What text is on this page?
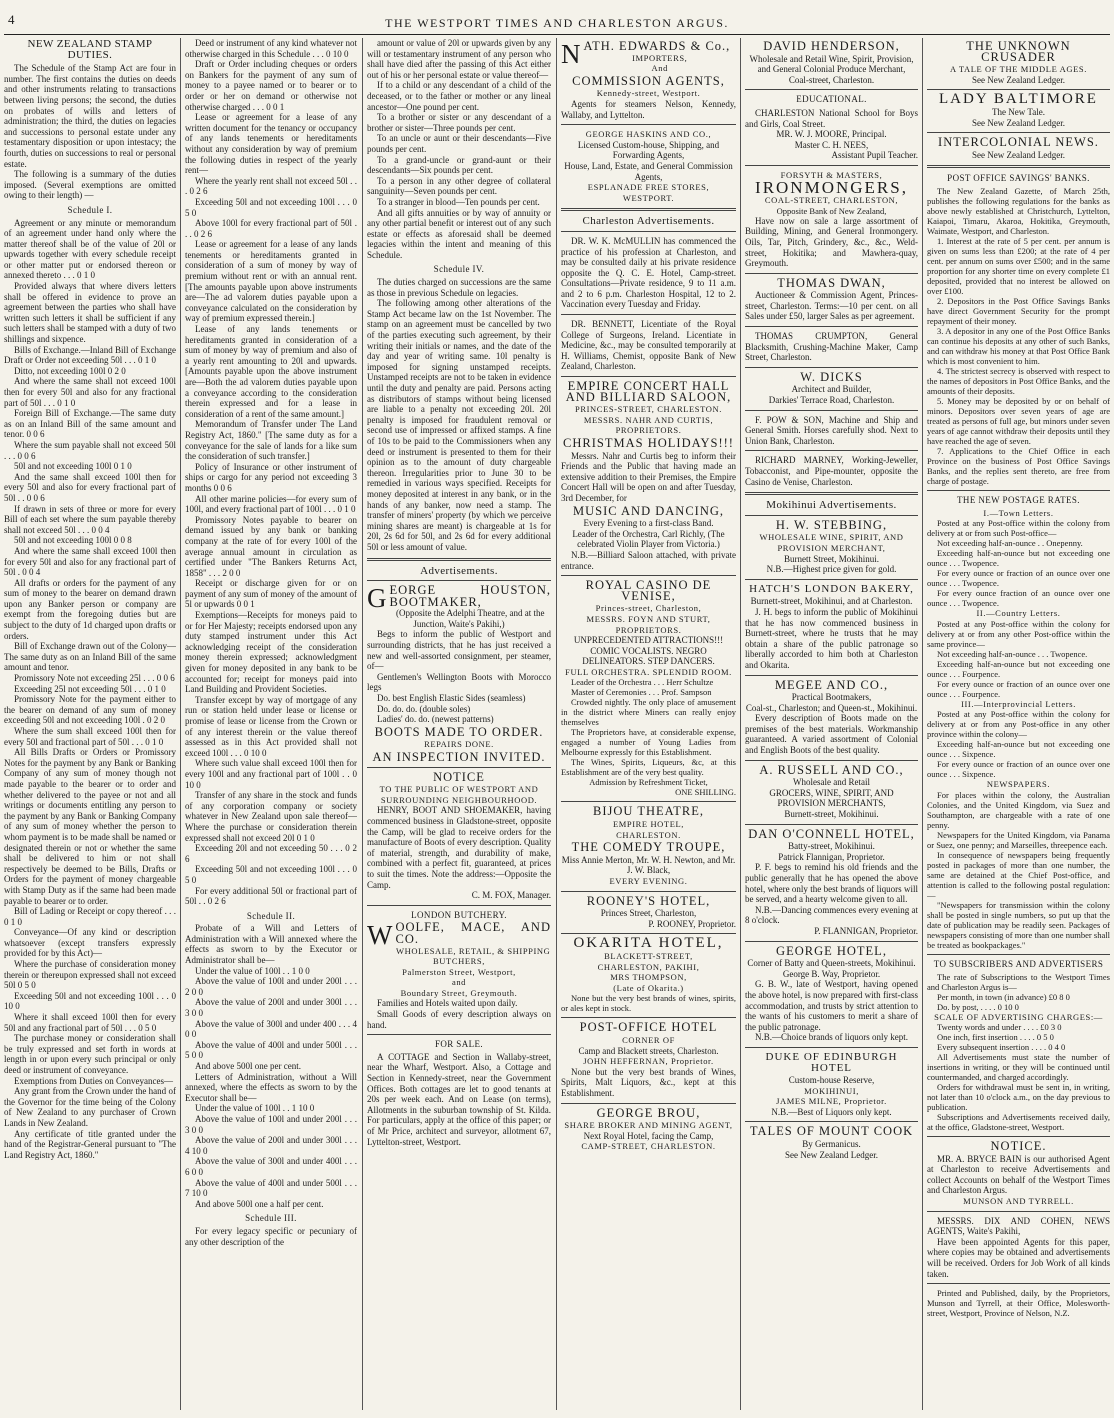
4	THE WESTPORT TIMES AND CHARLESTON ARGUS.
NEW ZEALAND STAMP DUTIES.

The Schedule of the Stamp Act are four in number. The first contains the duties on deeds and other instruments relating to transactions between living persons; the second, the duties on probates of wills and letters of administration; the third, the duties on legacies and successions to personal estate under any testamentary disposition or upon intestacy; the fourth, duties on successions to real or personal estate.

The following is a summary of the duties imposed. (Several exemptions are omitted owing to their length) —

Schedule I.

Agreement or any minute or memorandum of an agreement under hand only where the matter thereof shall be of the value of 20l or upwards together with every schedule receipt or other matter put or endorsed thereon or annexed thereto . . . 0 1 0

Provided always that where divers letters shall be offered in evidence to prove an agreement between the parties who shall have written such letters it shall be sufficient if any such letters shall be stamped with a duty of two shillings and sixpence.

Bills of Exchange.—Inland Bill of Exchange Draft or Order not exceeding 50l . . . 0 1 0

Ditto, not exceeding 100l 0 2 0

And where the same shall not exceed 100l then for every 50l and also for any fractional part of 50l . . . 0 1 0

Foreign Bill of Exchange.—The same duty as on an Inland Bill of the same amount and tenor. 0 0 6

Where the sum payable shall not exceed 50l . . . 0 0 6

50l and not exceeding 100l 0 1 0

And the same shall exceed 100l then for every 50l and also for every fractional part of 50l . . 0 0 6

If drawn in sets of three or more for every Bill of each set where the sum payable thereby shall not exceed 50l . . . 0 0 4

50l and not exceeding 100l 0 0 8

And where the same shall exceed 100l then for every 50l and also for any fractional part of 50l . 0 0 4

All drafts or orders for the payment of any sum of money to the bearer on demand drawn upon any Banker person or company are exempt from the foregoing duties but are subject to the duty of 1d charged upon drafts or orders.

Bill of Exchange drawn out of the Colony—The same duty as on an Inland Bill of the same amount and tenor.

Promissory Note not exceeding 25l . . . 0 0 6

Exceeding 25l not exceeding 50l . . . 0 1 0

Promissory Note for the payment either to the bearer on demand of any sum of money exceeding 50l and not exceeding 100l . 0 2 0

Where the sum shall exceed 100l then for every 50l and fractional part of 50l . . . 0 1 0

All Bills Drafts or Orders or Promissory Notes for the payment by any Bank or Banking Company of any sum of money though not made payable to the bearer or to order and whether delivered to the payee or not and all writings or documents entitling any person to the payment by any Bank or Banking Company of any sum of money whether the person to whom payment is to be made shall be named or designated therein or not or whether the same shall be delivered to him or not shall respectively be deemed to be Bills, Drafts or Orders for the payment of money chargeable with Stamp Duty as if the same had been made payable to bearer or to order.

Bill of Lading or Receipt or copy thereof . . . 0 1 0

Conveyance—Of any kind or description whatsoever (except transfers expressly provided for by this Act)—

Where the purchase of consideration money therein or thereupon expressed shall not exceed 50l 0 5 0

Exceeding 50l and not exceeding 100l . . . 0 10 0

Where it shall exceed 100l then for every 50l and any fractional part of 50l . . . 0 5 0

The purchase money or consideration shall be truly expressed and set forth in words at length in or upon every such principal or only deed or instrument of conveyance.

Exemptions from Duties on Conveyances—

Any grant from the Crown under the hand of the Governor for the time being of the Colony of New Zealand to any purchaser of Crown Lands in New Zealand.

Any certificate of title granted under the hand of the Registrar-General pursuant to "The Land Registry Act, 1860."

Deed or instrument of any kind whatever not otherwise charged in this Schedule . . . 0 10 0

Draft or Order including cheques or orders on Bankers for the payment of any sum of money to a payee named or to bearer or to order or her on demand or otherwise not otherwise charged . . . 0 0 1

Lease or agreement for a lease of any written document for the tenancy or occupancy of any lands tenements or hereditaments without any consideration by way of premium the following duties in respect of the yearly rent—

Where the yearly rent shall not exceed 50l . . . 0 2 6

Exceeding 50l and not exceeding 100l . . . 0 5 0

Above 100l for every fractional part of 50l . . . 0 2 6

Lease or agreement for a lease of any lands tenements or hereditaments granted in consideration of a sum of money by way of premium without rent or with an annual rent. [The amounts payable upon above instruments are—The ad valorem duties payable upon a conveyance calculated on the consideration by way of premium expressed therein.]

Lease of any lands tenements or hereditaments granted in consideration of a sum of money by way of premium and also of a yearly rent amounting to 20l and upwards. [Amounts payable upon the above instrument are—Both the ad valorem duties payable upon a conveyance according to the consideration therein expressed and for a lease in consideration of a rent of the same amount.]

Memorandum of Transfer under The Land Registry Act, 1860." [The same duty as for a conveyance for the sale of lands for a like sum the consideration of such transfer.]

Policy of Insurance or other instrument of ships or cargo for any period not exceeding 3 months 0 0 6

All other marine policies—for every sum of 100l, and every fractional part of 100l . . . 0 1 0

Promissory Notes payable to bearer on demand issued by any bank or banking company at the rate of for every 100l of the average annual amount in circulation as certified under "The Bankers Returns Act, 1858" . . . 2 0 0

Receipt or discharge given for or on payment of any sum of money of the amount of 5l or upwards 0 0 1

Exemptions—Receipts for moneys paid to or for Her Majesty; receipts endorsed upon any duty stamped instrument under this Act acknowledging receipt of the consideration money therein expressed; acknowledgment given for money deposited in any bank to be accounted for; receipt for moneys paid into Land Building and Provident Societies.

Transfer except by way of mortgage of any run or station held under lease or license or promise of lease or license from the Crown or of any interest therein or the value thereof assessed as in this Act provided shall not exceed 100l . . . 0 10 0

Where such value shall exceed 100l then for every 100l and any fractional part of 100l . . 0 10 0

Transfer of any share in the stock and funds of any corporation company or society whatever in New Zealand upon sale thereof—Where the purchase or consideration therein expressed shall not exceed 20l 0 1 0

Exceeding 20l and not exceeding 50 . . . 0 2 6

Exceeding 50l and not exceeding 100l . . . 0 5 0

For every additional 50l or fractional part of 50l . . 0 2 6

Schedule II.

Probate of a Will and Letters of Administration with a Will annexed where the effects as sworn to by the Executor or Administrator shall be—

Under the value of 100l . . 1 0 0

Above the value of 100l and under 200l . . . 2 0 0

Above the value of 200l and under 300l . . . 3 0 0

Above the value of 300l and under 400 . . . 4 0 0

Above the value of 400l and under 500l . . . 5 0 0

And above 500l one per cent.

Letters of Administration, without a Will annexed, where the effects as sworn to by the Executor shall be—

Under the value of 100l . . 1 10 0

Above the value of 100l and under 200l . . . 3 0 0

Above the value of 200l and under 300l . . . 4 10 0

Above the value of 300l and under 400l . . . 6 0 0

Above the value of 400l and under 500l . . . 7 10 0

And above 500l one a half per cent.

Schedule III.

For every legacy specific or pecuniary of any other description of the

amount or value of 20l or upwards given by any will or testamentary instrument of any person who shall have died after the passing of this Act either out of his or her personal estate or value thereof—

If to a child or any descendant of a child of the deceased, or to the father or mother or any lineal ancestor—One pound per cent.

To a brother or sister or any descendant of a brother or sister—Three pounds per cent.

To an uncle or aunt or their descendants—Five pounds per cent.

To a grand-uncle or grand-aunt or their descendants—Six pounds per cent.

To a person in any other degree of collateral sanguinity—Seven pounds per cent.

To a stranger in blood—Ten pounds per cent.

And all gifts annuities or by way of annuity or any other partial benefit or interest out of any such estate or effects as aforesaid shall be deemed legacies within the intent and meaning of this Schedule.

Schedule IV.

The duties charged on successions are the same as those in previous Schedule on legacies.

The following among other alterations of the Stamp Act became law on the 1st November. The stamp on an agreement must be cancelled by two of the parties executing such agreement, by their writing their initials or names, and the date of the day and year of writing same. 10l penalty is imposed for signing unstamped receipts. Unstamped receipts are not to be taken in evidence until the duty and penalty are paid. Persons acting as distributors of stamps without being licensed are liable to a penalty not exceeding 20l. 20l penalty is imposed for fraudulent removal or second use of impressed or affixed stamps. A fine of 10s to be paid to the Commissioners when any deed or instrument is presented to them for their opinion as to the amount of duty chargeable thereon. Irregularities prior to June 30 to be remedied in various ways specified. Receipts for money deposited at interest in any bank, or in the hands of any banker, now need a stamp. The transfer of miners' property (by which we perceive mining shares are meant) is chargeable at 1s for 20l, 2s 6d for 50l, and 2s 6d for every additional 50l or less amount of value.

Advertisements.
GEORGE HOUSTON, BOOTMAKER,

(Opposite the Adelphi Theatre, and at the Junction, Waite's Pakihi,)

Begs to inform the public of Westport and surrounding districts, that he has just received a new and well-assorted consignment, per steamer, of—

Gentlemen's Wellington Boots with Morocco legs

Do. best English Elastic Sides (seamless)

Do. do. do. (double soles)

Ladies' do. do. (newest patterns)

BOOTS MADE TO ORDER.
REPAIRS DONE.
AN INSPECTION INVITED.
NOTICE
TO THE PUBLIC OF WESTPORT AND SURROUNDING NEIGHBOURHOOD.

HENRY, BOOT AND SHOEMAKER, having commenced business in Gladstone-street, opposite the Camp, will be glad to receive orders for the manufacture of Boots of every description. Quality of material, strength, and durability of make, combined with a perfect fit, guaranteed, at prices to suit the times. Note the address:—Opposite the Camp.

C. M. FOX, Manager.

LONDON BUTCHERY.
WOOLFE, MACE, AND CO.
WHOLESALE, RETAIL, & SHIPPING BUTCHERS,
Palmerston Street, Westport,
and
Boundary Street, Greymouth.

Families and Hotels waited upon daily.

Small Goods of every description always on hand.

FOR SALE.

A COTTAGE and Section in Wallaby-street, near the Wharf, Westport. Also, a Cottage and Section in Kennedy-street, near the Government Offices. Both cottages are let to good tenants at 20s per week each. And on Lease (on terms), Allotments in the suburban township of St. Kilda. For particulars, apply at the office of this paper; or of Mr Price, architect and surveyor, allotment 67, Lyttelton-street, Westport.

NATH. EDWARDS & Co.,
IMPORTERS,
And
COMMISSION AGENTS,
Kennedy-street, Westport.

Agents for steamers Nelson, Kennedy, Wallaby, and Lyttelton.

GEORGE HASKINS AND CO.,

Licensed Custom-house, Shipping, and Forwarding Agents,

House, Land, Estate, and General Commission Agents,

ESPLANADE FREE STORES, WESTPORT.
Charleston Advertisements.

DR. W. K. McMULLIN has commenced the practice of his profession at Charleston, and may be consulted daily at his private residence opposite the Q. C. E. Hotel, Camp-street. Consultations—Private residence, 9 to 11 a.m. and 2 to 6 p.m. Charleston Hospital, 12 to 2. Vaccination every Tuesday and Friday.

DR. BENNETT, Licentiate of the Royal College of Surgeons, Ireland. Licentiate in Medicine, &c., may be consulted temporarily at H. Williams, Chemist, opposite Bank of New Zealand, Charleston.

EMPIRE CONCERT HALL AND BILLIARD SALOON,
PRINCES-STREET, CHARLESTON.
MESSRS. NAHR AND CURTIS,
PROPRIETORS.
CHRISTMAS HOLIDAYS!!!

Messrs. Nahr and Curtis beg to inform their Friends and the Public that having made an extensive addition to their Premises, the Empire Concert Hall will be open on and after Tuesday, 3rd December, for

MUSIC AND DANCING,

Every Evening to a first-class Band.

Leader of the Orchestra, Carl Richly, (The celebrated Violin Player from Victoria.)

N.B.—Billiard Saloon attached, with private entrance.

ROYAL CASINO DE VENISE,
Princes-street, Charleston,
MESSRS. FOYN AND STURT,
PROPRIETORS.
UNPRECEDENTED ATTRACTIONS!!! COMIC VOCALISTS. NEGRO DELINEATORS. STEP DANCERS.
FULL ORCHESTRA. SPLENDID ROOM.

Leader of the Orchestra . . . Herr Schultze

Master of Ceremonies . . . Prof. Sampson

Crowded nightly. The only place of amusement in the district where Miners can really enjoy themselves

The Proprietors have, at considerable expense, engaged a number of Young Ladies from Melbourne expressly for this Establishment.

The Wines, Spirits, Liqueurs, &c, at this Establishment are of the very best quality.

Admission by Refreshment Ticket,

ONE SHILLING.

BIJOU THEATRE,
EMPIRE HOTEL,
CHARLESTON.
THE COMEDY TROUPE,

Miss Annie Merton, Mr. W. H. Newton, and Mr. J. W. Black,

EVERY EVENING.
ROONEY'S HOTEL,

Princes Street, Charleston,

P. ROONEY, Proprietor.

OKARITA HOTEL,
BLACKETT-STREET,
CHARLESTON, PAKIHI,
MRS THOMPSON,
(Late of Okarita.)

None but the very best brands of wines, spirits, or ales kept in stock.

POST-OFFICE HOTEL
CORNER OF

Camp and Blackett streets, Charleston.

JOHN HEFFERNAN, Proprietor.

None but the very best brands of Wines, Spirits, Malt Liquors, &c., kept at this Establishment.

GEORGE BROU,
SHARE BROKER AND MINING AGENT,

Next Royal Hotel, facing the Camp,

CAMP-STREET, CHARLESTON.
DAVID HENDERSON,

Wholesale and Retail Wine, Spirit, Provision, and General Colonial Produce Merchant,

Coal-street, Charleston.

EDUCATIONAL.

CHARLESTON National School for Boys and Girls, Coal Street.

MR. W. J. MOORE, Principal.

Master C. H. NEES,

Assistant Pupil Teacher.

FORSYTH & MASTERS,
IRONMONGERS,
COAL-STREET, CHARLESTON,
Opposite Bank of New Zealand,

Have now on sale a large assortment of Building, Mining, and General Ironmongery. Oils, Tar, Pitch, Grindery, &c., &c., Weld-street, Hokitika; and Mawhera-quay, Greymouth.

THOMAS DWAN,

Auctioneer & Commission Agent, Princes-street, Charleston. Terms:—10 per cent. on all Sales under £50, larger Sales as per agreement.

THOMAS CRUMPTON, General Blacksmith, Crushing-Machine Maker, Camp Street, Charleston.

W. DICKS

Architect and Builder,

Darkies' Terrace Road, Charleston.

F. POW & SON, Machine and Ship and General Smith. Horses carefully shod. Next to Union Bank, Charleston.

RICHARD MARNEY, Working-Jeweller, Tobacconist, and Pipe-mounter, opposite the Casino de Venise, Charleston.

Mokihinui Advertisements.
H. W. STEBBING,
WHOLESALE WINE, SPIRIT, AND PROVISION MERCHANT,

Burnett Street, Mokihinui.

N.B.—Highest price given for gold.

HATCH'S LONDON BAKERY,

Burnett-street, Mokihinui, and at Charleston.

J. H. begs to inform the public of Mokihinui that he has now commenced business in Burnett-street, where he trusts that he may obtain a share of the public patronage so liberally accorded to him both at Charleston and Okarita.

MEGEE AND CO.,

Practical Bootmakers,

Coal-st., Charleston; and Queen-st., Mokihinui.

Every description of Boots made on the premises of the best materials. Workmanship guaranteed. A varied assortment of Colonial and English Boots of the best quality.

A. RUSSELL AND CO.,

Wholesale and Retail

GROCERS, WINE, SPIRIT, AND PROVISION MERCHANTS,

Burnett-street, Mokihinui.

DAN O'CONNELL HOTEL,

Batty-street, Mokihinui.

Patrick Flannigan, Proprietor.

P. F. begs to remind his old friends and the public generally that he has opened the above hotel, where only the best brands of liquors will be served, and a hearty welcome given to all.

N.B.—Dancing commences every evening at 8 o'clock.

P. FLANNIGAN, Proprietor.

GEORGE HOTEL,

Corner of Batty and Queen-streets, Mokihinui.

George B. Way, Proprietor.

G. B. W., late of Westport, having opened the above hotel, is now prepared with first-class accommodation, and trusts by strict attention to the wants of his customers to merit a share of the public patronage.

N.B.—Choice brands of liquors only kept.

DUKE OF EDINBURGH HOTEL

Custom-house Reserve,

MOKIHINUI,
JAMES MILNE, Proprietor.

N.B.—Best of Liquors only kept.

TALES OF MOUNT COOK

By Germanicus.

See New Zealand Ledger.

THE UNKNOWN CRUSADER
A TALE OF THE MIDDLE AGES.

See New Zealand Ledger.

LADY BALTIMORE

The New Tale.

See New Zealand Ledger.

INTERCOLONIAL NEWS.

See New Zealand Ledger.

POST OFFICE SAVINGS' BANKS.

The New Zealand Gazette, of March 25th, publishes the following regulations for the banks as above newly established at Christchurch, Lyttelton, Kaiapoi, Timaru, Akaroa, Hokitika, Greymouth, Waimate, Westport, and Charleston.

1. Interest at the rate of 5 per cent. per annum is given on sums less than £200; at the rate of 4 per cent. per annum on sums over £500; and in the same proportion for any shorter time on every complete £1 deposited, provided that no interest be allowed on over £100.

2. Depositors in the Post Office Savings Banks have direct Government Security for the prompt repayment of their money.

3. A depositor in any one of the Post Office Banks can continue his deposits at any other of such Banks, and can withdraw his money at that Post Office Bank which is most convenient to him.

4. The strictest secrecy is observed with respect to the names of depositors in Post Office Banks, and the amounts of their deposits.

5. Money may be deposited by or on behalf of minors. Depositors over seven years of age are treated as persons of full age, but minors under seven years of age cannot withdraw their deposits until they have reached the age of seven.

7. Applications to the Chief Office in each Province on the business of Post Office Savings Banks, and the replies sent thereto, are free from charge of postage.

THE NEW POSTAGE RATES.
I.—Town Letters.

Posted at any Post-office within the colony from delivery at or from such Post-office—

Not exceeding half-an-ounce . . Onepenny.

Exceeding half-an-ounce but not exceeding one ounce . . . Twopence.

For every ounce or fraction of an ounce over one ounce . . . Twopence.

For every ounce fraction of an ounce over one ounce . . . Twopence.

II.—Country Letters.

Posted at any Post-office within the colony for delivery at or from any other Post-office within the same province—

Not exceeding half-an-ounce . . . Twopence.

Exceeding half-an-ounce but not exceeding one ounce . . . Fourpence.

For every ounce or fraction of an ounce over one ounce . . . Fourpence.

III.—Interprovincial Letters.

Posted at any Post-office within the colony for delivery at or from any Post-office in any other province within the colony—

Exceeding half-an-ounce but not exceeding one ounce . . . Sixpence.

For every ounce or fraction of an ounce over one ounce . . . Sixpence.

NEWSPAPERS.

For places within the colony, the Australian Colonies, and the United Kingdom, via Suez and Southampton, are chargeable with a rate of one penny.

Newspapers for the United Kingdom, via Panama or Suez, one penny; and Marseilles, threepence each.

In consequence of newspapers being frequently posted in packages of more than one number, the same are detained at the Chief Post-office, and attention is called to the following postal regulation:—

"Newspapers for transmission within the colony shall be posted in single numbers, so put up that the date of publication may be readily seen. Packages of newspapers consisting of more than one number shall be treated as bookpackages."

TO SUBSCRIBERS AND ADVERTISERS

The rate of Subscriptions to the Westport Times and Charleston Argus is—

Per month, in town (in advance) £0 8 0

Do. by post, . . . . 0 10 0

SCALE OF ADVERTISING CHARGES:—

Twenty words and under . . . . £0 3 0

One inch, first insertion . . . . 0 5 0

Every subsequent insertion . . . . 0 4 0

All Advertisements must state the number of insertions in writing, or they will be continued until countermanded, and charged accordingly.

Orders for withdrawal must be sent in, in writing, not later than 10 o'clock a.m., on the day previous to publication.

Subscriptions and Advertisements received daily, at the office, Gladstone-street, Westport.

NOTICE.

MR. A. BRYCE BAIN is our authorised Agent at Charleston to receive Advertisements and collect Accounts on behalf of the Westport Times and Charleston Argus.

MUNSON AND TYRRELL.

MESSRS. DIX AND COHEN, NEWS AGENTS, Waite's Pakihi,

Have been appointed Agents for this paper, where copies may be obtained and advertisements will be received. Orders for Job Work of all kinds taken.

Printed and Published, daily, by the Proprietors, Munson and Tyrrell, at their Office, Molesworth-street, Westport, Province of Nelson, N.Z.
